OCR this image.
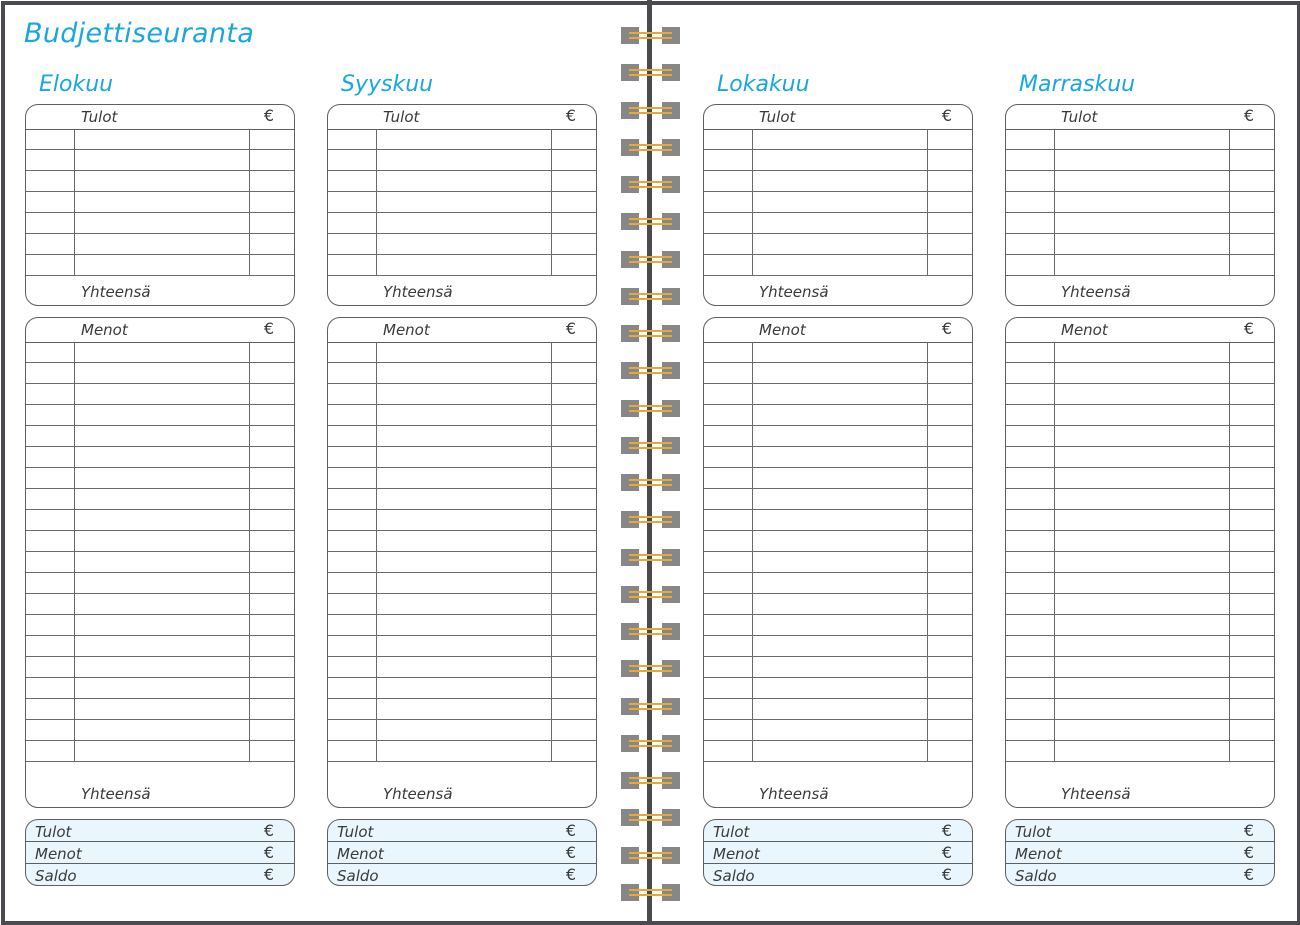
Budjettiseuranta
Elokuu
Tulot	€
Yhteensä
Menot	€
Yhteensä
Tulot	€
Menot	€
Saldo	€
Syyskuu
Tulot	€
Yhteensä
Menot	€
Yhteensä
Tulot	€
Menot	€
Saldo	€
Lokakuu
Tulot	€
Yhteensä
Menot	€
Yhteensä
Tulot	€
Menot	€
Saldo	€
Marraskuu
Tulot	€
Yhteensä
Menot	€
Yhteensä
Tulot	€
Menot	€
Saldo	€
